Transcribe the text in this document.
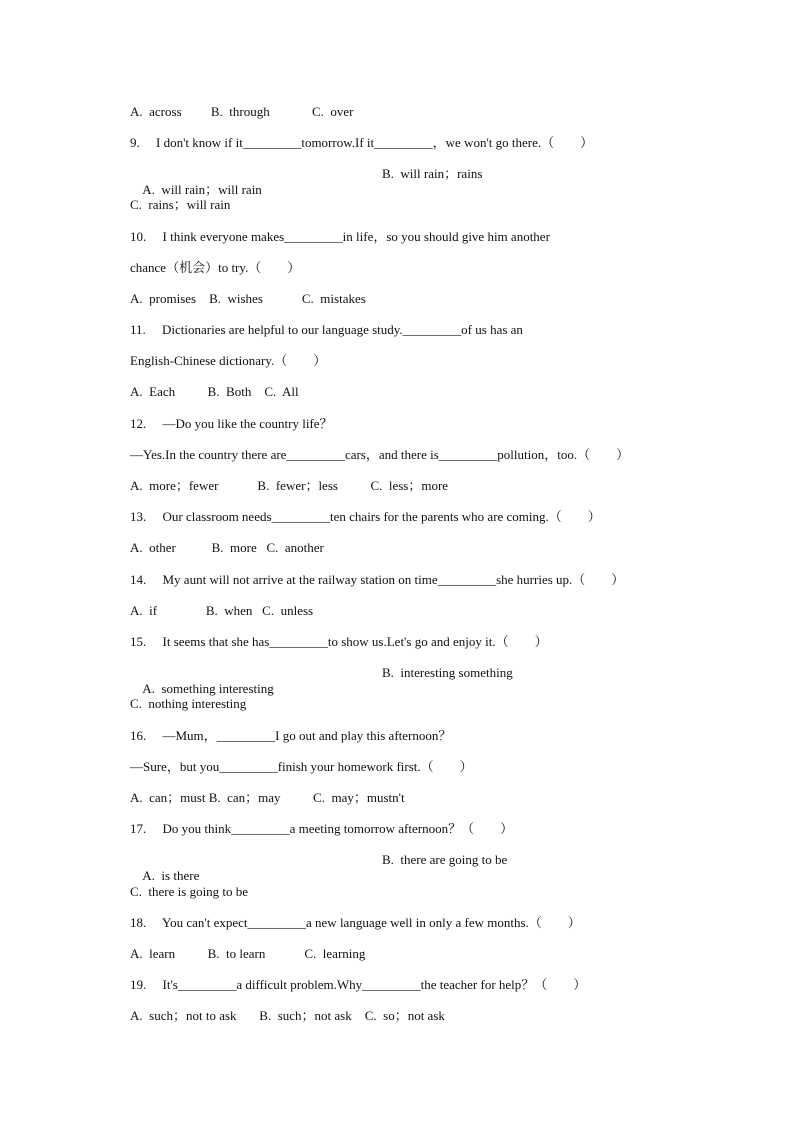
A.  across         B.  through             C.  over
9.     I don't know if it_________tomorrow.If it_________，we won't go there.（        ）

A.  will rain；will rain

B.  will rain；rains

C.  rains；will rain
10.     I think everyone makes_________in life，so you should give him another
chance（机会）to try.（        ）
A.  promises    B.  wishes            C.  mistakes
11.     Dictionaries are helpful to our language study._________of us has an
English-Chinese dictionary.（        ）
A.  Each          B.  Both    C.  All
12.     —Do you like the country life？
—Yes.In the country there are_________cars，and there is_________pollution，too.（        ）
A.  more；fewer            B.  fewer；less          C.  less；more
13.     Our classroom needs_________ten chairs for the parents who are coming.（        ）
A.  other           B.  more   C.  another
14.     My aunt will not arrive at the railway station on time_________she hurries up.（        ）
A.  if               B.  when   C.  unless
15.     It seems that she has_________to show us.Let's go and enjoy it.（        ）

A.  something interesting

B.  interesting something

C.  nothing interesting
16.     —Mum，_________I go out and play this afternoon？
—Sure，but you_________finish your homework first.（        ）
A.  can；must B.  can；may          C.  may；mustn't
17.     Do you think_________a meeting tomorrow afternoon？（        ）

A.  is there

B.  there are going to be

C.  there is going to be
18.     You can't expect_________a new language well in only a few months.（        ）
A.  learn          B.  to learn            C.  learning
19.     It's_________a difficult problem.Why_________the teacher for help？（        ）
A.  such；not to ask       B.  such；not ask    C.  so；not ask
